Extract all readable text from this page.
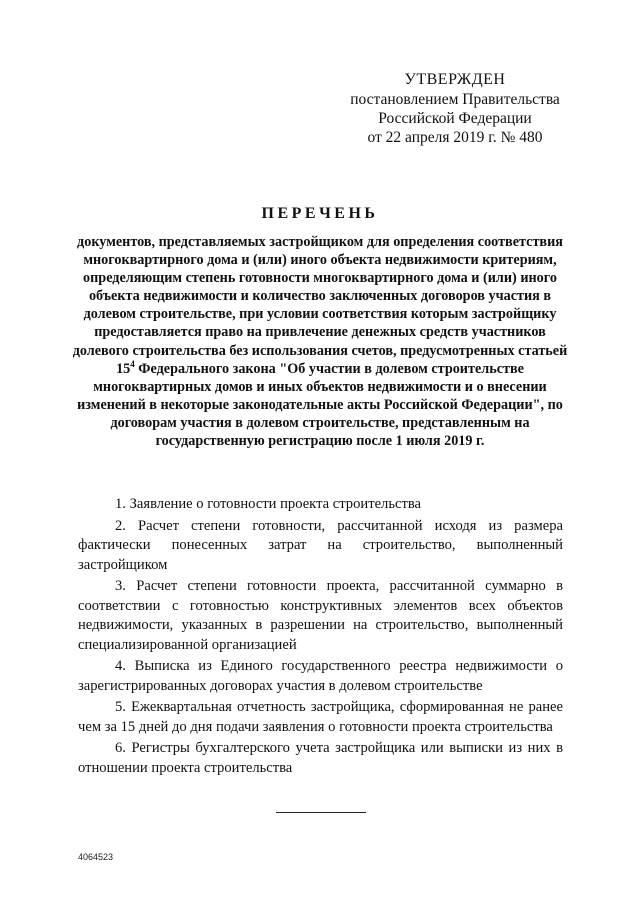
УТВЕРЖДЕН
постановлением Правительства
Российской Федерации
от 22 апреля 2019 г. № 480
ПЕРЕЧЕНЬ
документов, представляемых застройщиком для определения соответствия многоквартирного дома и (или) иного объекта недвижимости критериям, определяющим степень готовности многоквартирного дома и (или) иного объекта недвижимости и количество заключенных договоров участия в долевом строительстве, при условии соответствия которым застройщику предоставляется право на привлечение денежных средств участников долевого строительства без использования счетов, предусмотренных статьей $15^4$ Федерального закона "Об участии в долевом строительстве многоквартирных домов и иных объектов недвижимости и о внесении изменений в некоторые законодательные акты Российской Федерации", по договорам участия в долевом строительстве, представленным на государственную регистрацию после 1 июля 2019 г.

1. Заявление о готовности проекта строительства

2. Расчет степени готовности, рассчитанной исходя из размера фактически понесенных затрат на строительство, выполненный застройщиком

3. Расчет степени готовности проекта, рассчитанной суммарно в соответствии с готовностью конструктивных элементов всех объектов недвижимости, указанных в разрешении на строительство, выполненный специализированной организацией

4. Выписка из Единого государственного реестра недвижимости о зарегистрированных договорах участия в долевом строительстве

5. Ежеквартальная отчетность застройщика, сформированная не ранее чем за 15 дней до дня подачи заявления о готовности проекта строительства

6. Регистры бухгалтерского учета застройщика или выписки из них в отношении проекта строительства

4064523
